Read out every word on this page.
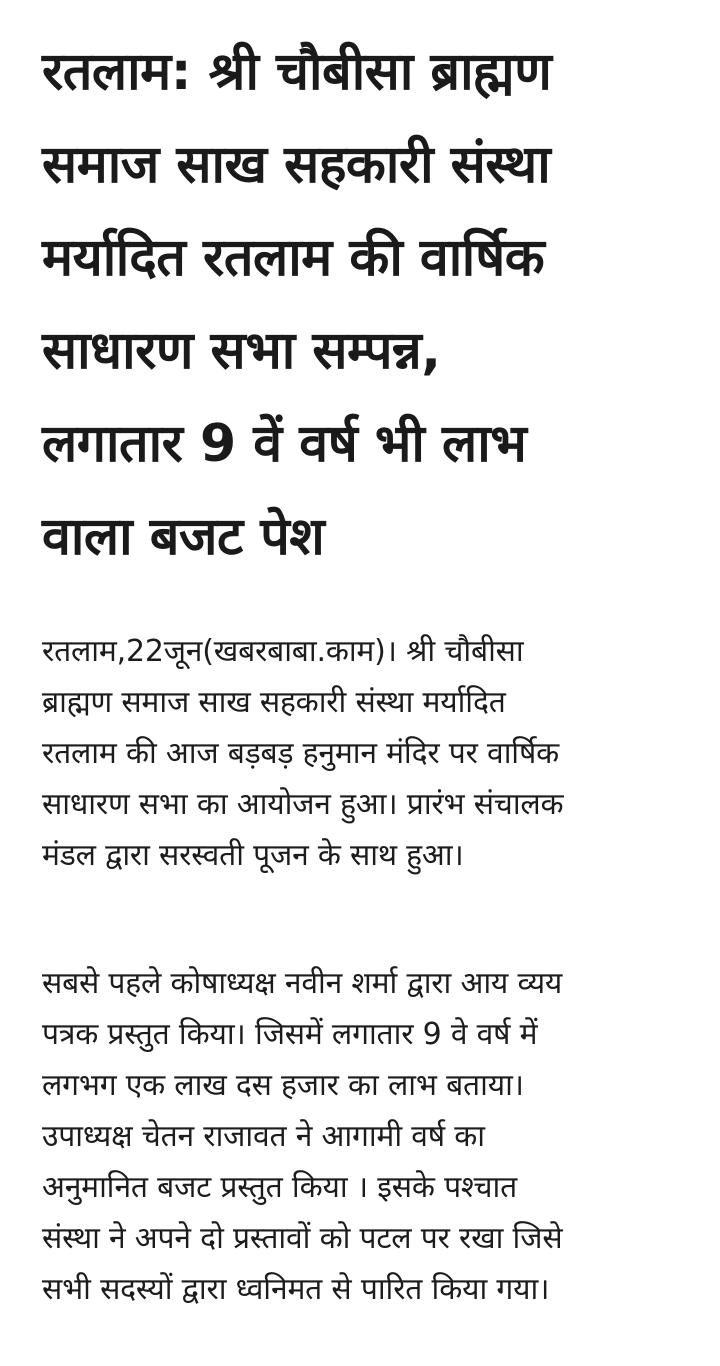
रतलाम: श्री चौबीसा ब्राह्मण
समाज साख सहकारी संस्था
मर्यादित रतलाम की वार्षिक
साधारण सभा सम्पन्न,
लगातार 9 वें वर्ष भी लाभ
वाला बजट पेश

रतलाम,22जून(खबरबाबा.काम)। श्री चौबीसा
ब्राह्मण समाज साख सहकारी संस्था मर्यादित
रतलाम की आज बड़बड़ हनुमान मंदिर पर वार्षिक
साधारण सभा का आयोजन हुआ। प्रारंभ संचालक
मंडल द्वारा सरस्वती पूजन के साथ हुआ।

सबसे पहले कोषाध्यक्ष नवीन शर्मा द्वारा आय व्यय
पत्रक प्रस्तुत किया। जिसमें लगातार 9 वे वर्ष में
लगभग एक लाख दस हजार का लाभ बताया।
उपाध्यक्ष चेतन राजावत ने आगामी वर्ष का
अनुमानित बजट प्रस्तुत किया । इसके पश्चात
संस्था ने अपने दो प्रस्तावों को पटल पर रखा जिसे
सभी सदस्यों द्वारा ध्वनिमत से पारित किया गया।
